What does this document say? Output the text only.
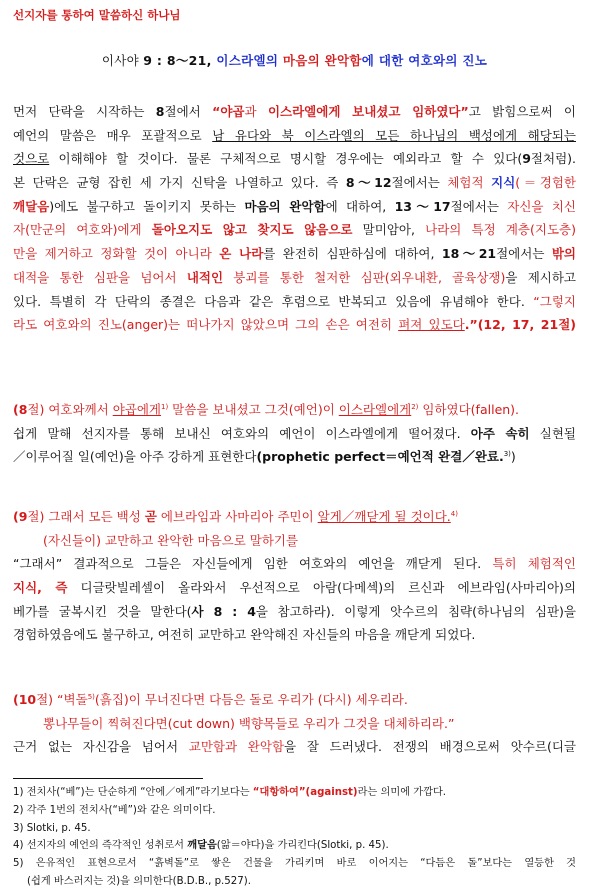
선지자를 통하여 말씀하신 하나님
이사야 9 : 8～21, 이스라엘의 마음의 완악함에 대한 여호와의 진노
먼저 단락을 시작하는 8절에서 “야곱과 이스라엘에게 보내셨고 임하였다”고 밝힘으로써 이
예언의 말씀은 매우 포괄적으로 남 유다와 북 이스라엘의 모든 하나님의 백성에게 해당되는
것으로 이해해야 할 것이다. 물론 구체적으로 명시할 경우에는 예외라고 할 수 있다(9절처럼).
본 단락은 균형 잡힌 세 가지 신탁을 나열하고 있다. 즉 8～12절에서는 체험적 지식(＝경험한
깨달음)에도 불구하고 돌이키지 못하는 마음의 완악함에 대하여, 13～17절에서는 자신을 치신
자(만군의 여호와)에게 돌아오지도 않고 찾지도 않음으로 말미암아, 나라의 특정 계층(지도층)
만을 제거하고 정화할 것이 아니라 온 나라를 완전히 심판하심에 대하여, 18～21절에서는 밖의
대적을 통한 심판을 넘어서 내적인 붕괴를 통한 철저한 심판(외우내환, 골육상쟁)을 제시하고
있다. 특별히 각 단락의 종결은 다음과 같은 후렴으로 반복되고 있음에 유념해야 한다. “그렇지
라도 여호와의 진노(anger)는 떠나가지 않았으며 그의 손은 여전히 펴져 있도다.”(12, 17, 21절)
(8절) 여호와께서 야곱에게$^{1)}$ 말씀을 보내셨고 그것(예언)이 이스라엘에게$^{2)}$ 임하였다(fallen).
쉽게 말해 선지자를 통해 보내신 여호와의 예언이 이스라엘에게 떨어졌다. 아주 속히 실현될
／이루어질 일(예언)을 아주 강하게 표현한다(prophetic perfect＝예언적 완결／완료.$^{3)}$)
(9절) 그래서 모든 백성 곧 에브라임과 사마리아 주민이 알게／깨닫게 될 것이다.$^{4)}$
(자신들이) 교만하고 완악한 마음으로 말하기를
“그래서” 결과적으로 그들은 자신들에게 임한 여호와의 예언을 깨닫게 된다. 특히 체험적인
지식, 즉 디글랏빌레셀이 올라와서 우선적으로 아람(다메섹)의 르신과 에브라임(사마리아)의
베가를 굴복시킨 것을 말한다(사 8 : 4을 참고하라). 이렇게 앗수르의 침략(하나님의 심판)을
경험하였음에도 불구하고, 여전히 교만하고 완악해진 자신들의 마음을 깨닫게 되었다.
(10절) “벽돌$^{5)}$(흙집)이 무너진다면 다듬은 돌로 우리가 (다시) 세우리라.
뽕나무들이 찍혀진다면(cut down) 백향목들로 우리가 그것을 대체하리라.”
근거 없는 자신감을 넘어서 교만함과 완악함을 잘 드러냈다. 전쟁의 배경으로써 앗수르(디글
1) 전치사(“베”)는 단순하게 “안에／에게”라기보다는 “대항하여”(against)라는 의미에 가깝다.
2) 각주 1번의 전치사(“베”)와 같은 의미이다.
3) Slotki, p. 45.
4) 선지자의 예언의 즉각적인 성취로서 깨달음(앎＝야다)을 가리킨다(Slotki, p. 45).
5) 은유적인 표현으로서 “흙벽돌”로 쌓은 건물을 가리키며 바로 이어지는 “다듬은 돌”보다는 열등한 것
(쉽게 바스러지는 것)을 의미한다(B.D.B., p.527).
